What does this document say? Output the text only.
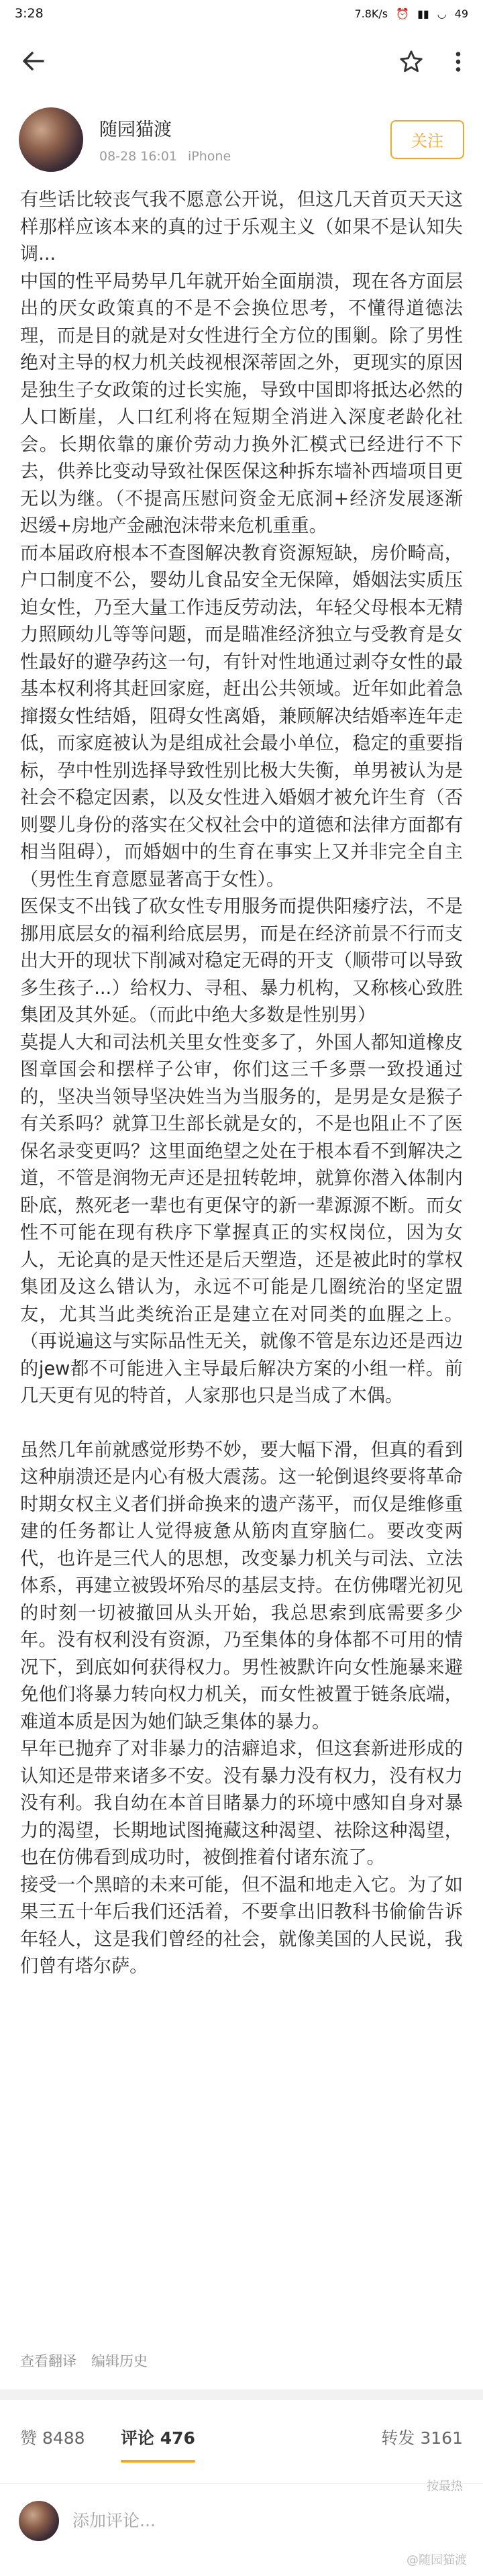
3:28	7.8K/s ⏰ ▮▮ ◡ 49
随园猫渡
08-28 16:01 iPhone
关注

有些话比较丧气我不愿意公开说，但这几天首页天天这样那样应该本来的真的过于乐观主义（如果不是认知失调...

中国的性平局势早几年就开始全面崩溃，现在各方面层出的厌女政策真的不是不会换位思考，不懂得道德法理，而是目的就是对女性进行全方位的围剿。除了男性绝对主导的权力机关歧视根深蒂固之外，更现实的原因是独生子女政策的过长实施，导致中国即将抵达必然的人口断崖，人口红利将在短期全消进入深度老龄化社会。长期依靠的廉价劳动力换外汇模式已经进行不下去，供养比变动导致社保医保这种拆东墙补西墙项目更无以为继。（不提高压慰问资金无底洞+经济发展逐渐迟缓+房地产金融泡沫带来危机重重。

而本届政府根本不查图解决教育资源短缺，房价畸高，户口制度不公，婴幼儿食品安全无保障，婚姻法实质压迫女性，乃至大量工作违反劳动法，年轻父母根本无精力照顾幼儿等等问题，而是瞄准经济独立与受教育是女性最好的避孕药这一句，有针对性地通过剥夺女性的最基本权利将其赶回家庭，赶出公共领域。近年如此着急撺掇女性结婚，阻碍女性离婚，兼顾解决结婚率连年走低，而家庭被认为是组成社会最小单位，稳定的重要指标，孕中性别选择导致性别比极大失衡，单男被认为是社会不稳定因素，以及女性进入婚姻才被允许生育（否则婴儿身份的落实在父权社会中的道德和法律方面都有相当阻碍），而婚姻中的生育在事实上又并非完全自主（男性生育意愿显著高于女性）。

医保支不出钱了砍女性专用服务而提供阳痿疗法，不是挪用底层女的福利给底层男，而是在经济前景不行而支出大开的现状下削减对稳定无碍的开支（顺带可以导致多生孩子...）给权力、寻租、暴力机构，又称核心致胜集团及其外延。（而此中绝大多数是性别男）

莫提人大和司法机关里女性变多了，外国人都知道橡皮图章国会和摆样子公审，你们这三千多票一致投通过的，坚决当领导坚决姓当为当服务的，是男是女是猴子有关系吗？就算卫生部长就是女的，不是也阻止不了医保名录变更吗？这里面绝望之处在于根本看不到解决之道，不管是润物无声还是扭转乾坤，就算你潜入体制内卧底，熬死老一辈也有更保守的新一辈源源不断。而女性不可能在现有秩序下掌握真正的实权岗位，因为女人，无论真的是天性还是后天塑造，还是被此时的掌权集团及这么错认为，永远不可能是几圈统治的坚定盟友，尤其当此类统治正是建立在对同类的血腥之上。（再说遍这与实际品性无关，就像不管是东边还是西边的jew都不可能进入主导最后解决方案的小组一样。前几天更有见的特首，人家那也只是当成了木偶。

虽然几年前就感觉形势不妙，要大幅下滑，但真的看到这种崩溃还是内心有极大震荡。这一轮倒退终要将革命时期女权主义者们拼命换来的遗产荡平，而仅是维修重建的任务都让人觉得疲惫从筋肉直穿脑仁。要改变两代，也许是三代人的思想，改变暴力机关与司法、立法体系，再建立被毁坏殆尽的基层支持。在仿佛曙光初见的时刻一切被撤回从头开始，我总思索到底需要多少年。没有权利没有资源，乃至集体的身体都不可用的情况下，到底如何获得权力。男性被默许向女性施暴来避免他们将暴力转向权力机关，而女性被置于链条底端，难道本质是因为她们缺乏集体的暴力。

早年已抛弃了对非暴力的洁癖追求，但这套新进形成的认知还是带来诸多不安。没有暴力没有权力，没有权力没有利。我自幼在本首目睹暴力的环境中感知自身对暴力的渴望，长期地试图掩藏这种渴望、祛除这种渴望，也在仿佛看到成功时，被倒推着付诸东流了。

接受一个黑暗的未来可能，但不温和地走入它。为了如果三五十年后我们还活着，不要拿出旧教科书偷偷告诉年轻人，这是我们曾经的社会，就像美国的人民说，我们曾有塔尔萨。

查看翻译 编辑历史
赞 8488 评论 476	转发 3161
按最热
添加评论...
@随园猫渡
